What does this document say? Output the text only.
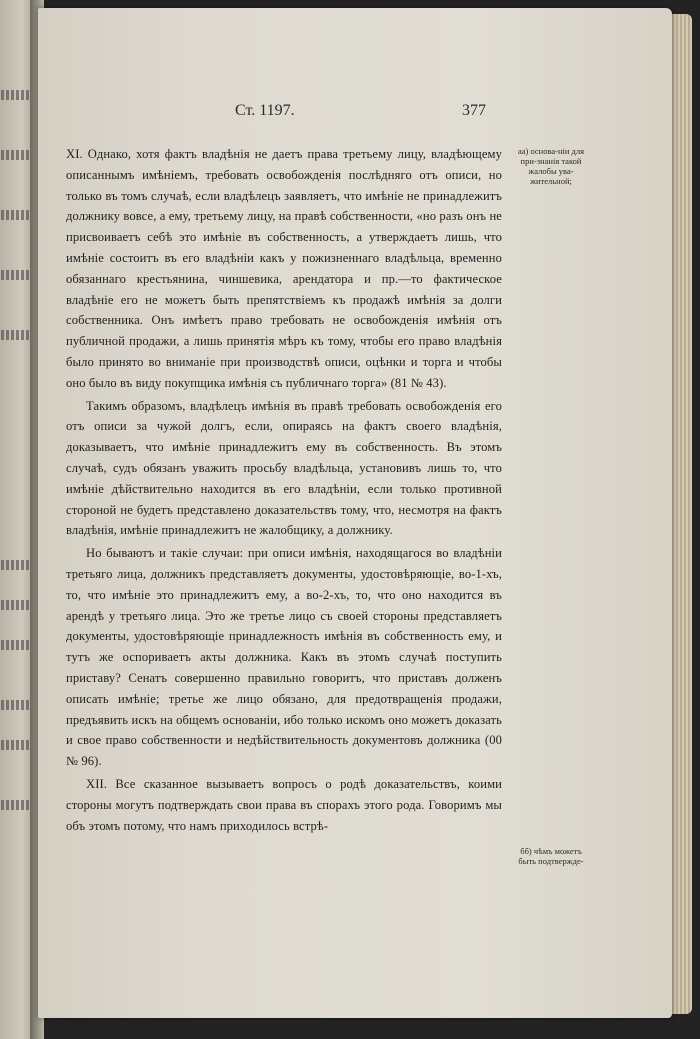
Ст. 1197.	377

XI. Однако, хотя фактъ владѣнія не даетъ права третьему лицу, владѣющему описаннымъ имѣніемъ, требовать освобожденія послѣдняго отъ описи, но только въ томъ случаѣ, если владѣлецъ заявляетъ, что имѣніе не принадлежитъ должнику вовсе, а ему, третьему лицу, на правѣ собственности, «но разъ онъ не присвоиваетъ себѣ это имѣніе въ собственность, а утверждаетъ лишь, что имѣніе состоитъ въ его владѣніи какъ у пожизненнаго владѣльца, временно обязаннаго крестьянина, чиншевика, арендатора и пр.—то фактическое владѣніе его не можетъ быть препятствіемъ къ продажѣ имѣнія за долги собственника. Онъ имѣетъ право требовать не освобожденія имѣнія отъ публичной продажи, а лишь принятія мѣръ къ тому, чтобы его право владѣнія было принято во вниманіе при производствѣ описи, оцѣнки и торга и чтобы оно было въ виду покупщика имѣнія съ публичнаго торга» (81 № 43).

Такимъ образомъ, владѣлецъ имѣнія въ правѣ требовать освобожденія его отъ описи за чужой долгъ, если, опираясь на фактъ своего владѣнія, доказываетъ, что имѣніе принадлежитъ ему въ собственность. Въ этомъ случаѣ, судъ обязанъ уважить просьбу владѣльца, установивъ лишь то, что имѣніе дѣйствительно находится въ его владѣніи, если только противной стороной не будетъ представлено доказательствъ тому, что, несмотря на фактъ владѣнія, имѣніе принадлежитъ не жалобщику, а должнику.

Но бываютъ и такіе случаи: при описи имѣнія, находящагося во владѣніи третьяго лица, должникъ представляетъ документы, удостовѣряющіе, во-1-хъ, то, что имѣніе это принадлежитъ ему, а во-2-хъ, то, что оно находится въ арендѣ у третьяго лица. Это же третье лицо съ своей стороны представляетъ документы, удостовѣряющіе принадлежность имѣнія въ собственность ему, и тутъ же оспориваетъ акты должника. Какъ въ этомъ случаѣ поступить приставу? Сенатъ совершенно правильно говоритъ, что приставъ долженъ описать имѣніе; третье же лицо обязано, для предотвращенія продажи, предъявить искъ на общемъ основаніи, ибо только искомъ оно можетъ доказать и свое право собственности и недѣйствительность документовъ должника (00 № 96).

XII. Все сказанное вызываетъ вопросъ о родѣ доказательствъ, коими стороны могутъ подтверждать свои права въ спорахъ этого рода. Говоримъ мы объ этомъ потому, что намъ приходилось встрѣ-

аа) основа-ніи для при-знанія такой жалобы ува-жительной;
бб) чѣмъ можетъ быть подтвержде-
